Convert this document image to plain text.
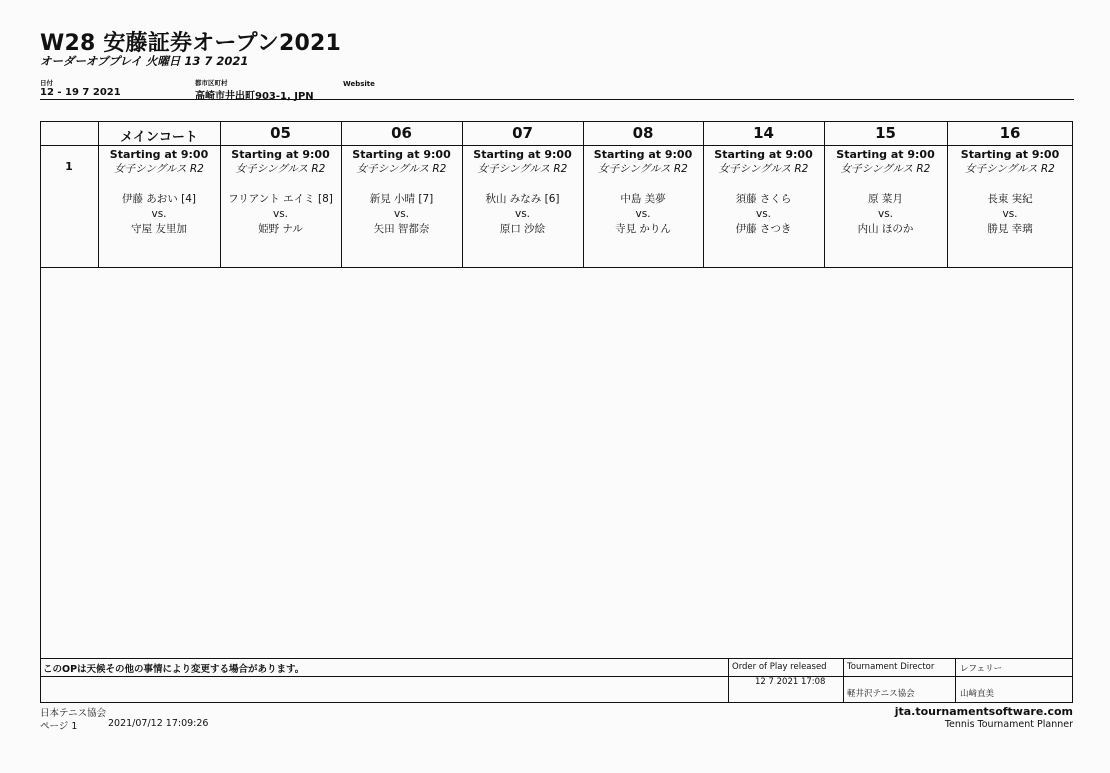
W28 安藤証券オープン2021
オーダーオブプレイ 火曜日 13 7 2021
日付
12 - 19 7 2021
都市区町村
高崎市井出町903-1, JPN
Website
メインコート	05	06	07	08	14	15	16
1
Starting at 9:00
女子シングルス R2
伊藤 あおい [4]
vs.
守屋 友里加
Starting at 9:00
女子シングルス R2
フリアント エイミ [8]
vs.
姫野 ナル
Starting at 9:00
女子シングルス R2
新見 小晴 [7]
vs.
矢田 智都奈
Starting at 9:00
女子シングルス R2
秋山 みなみ [6]
vs.
原口 沙絵
Starting at 9:00
女子シングルス R2
中島 美夢
vs.
寺見 かりん
Starting at 9:00
女子シングルス R2
須藤 さくら
vs.
伊藤 さつき
Starting at 9:00
女子シングルス R2
原 菜月
vs.
内山 ほのか
Starting at 9:00
女子シングルス R2
長東 実紀
vs.
勝見 幸璃
このOPは天候その他の事情により変更する場合があります。	Order of Play released
12 7 2021 17:08
Tournament Director
軽井沢テニス協会
レフェリー
山﨑直美
日本テニス協会
ページ 1	2021/07/12 17:09:26
jta.tournamentsoftware.com
Tennis Tournament Planner
